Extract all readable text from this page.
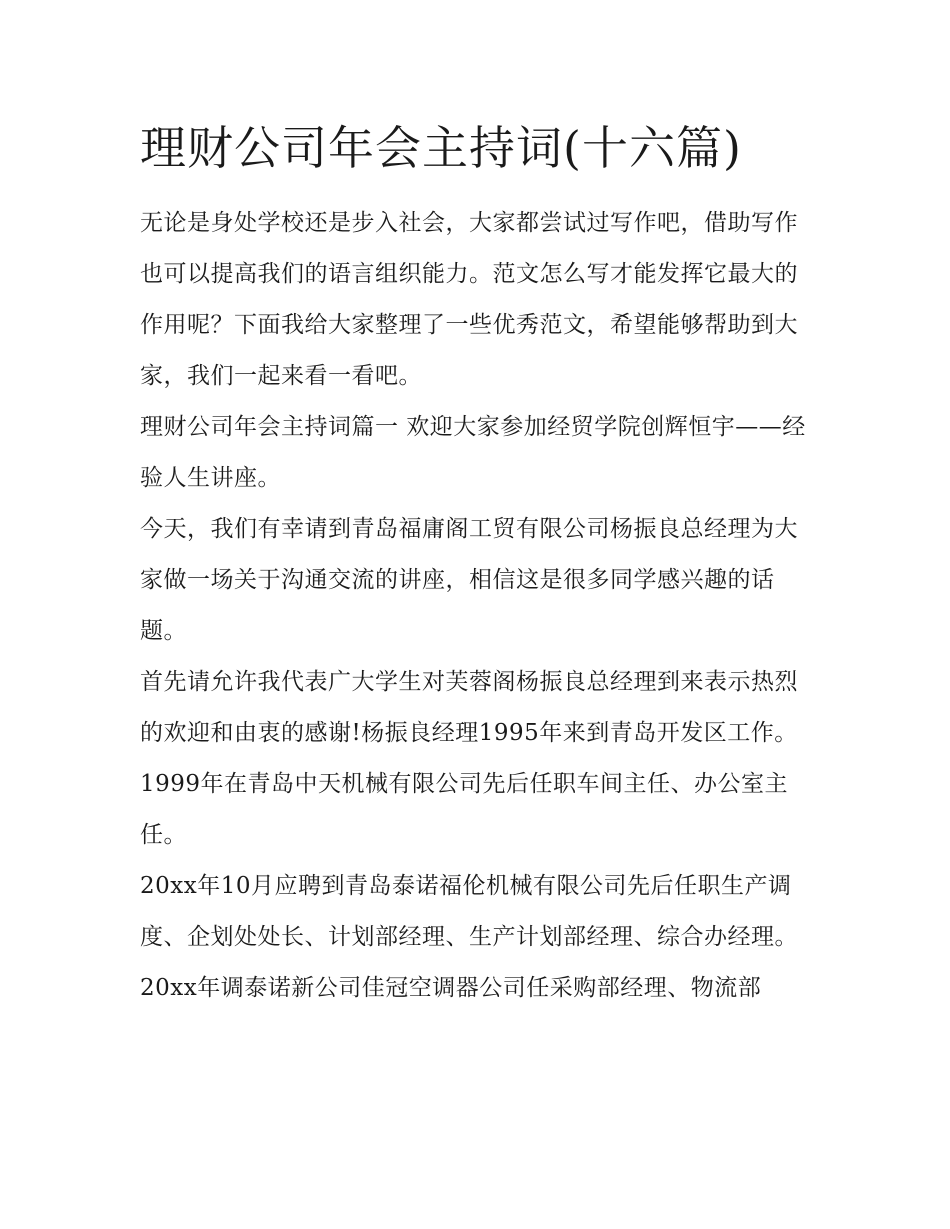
理财公司年会主持词(十六篇)

无论是身处学校还是步入社会，大家都尝试过写作吧，借助写作也可以提高我们的语言组织能力。范文怎么写才能发挥它最大的作用呢？下面我给大家整理了一些优秀范文，希望能够帮助到大家，我们一起来看一看吧。

理财公司年会主持词篇一 欢迎大家参加经贸学院创辉恒宇——经验人生讲座。

今天，我们有幸请到青岛福庸阁工贸有限公司杨振良总经理为大家做一场关于沟通交流的讲座，相信这是很多同学感兴趣的话题。

首先请允许我代表广大学生对芙蓉阁杨振良总经理到来表示热烈的欢迎和由衷的感谢!杨振良经理1995年来到青岛开发区工作。

1999年在青岛中天机械有限公司先后任职车间主任、办公室主任。

20xx年10月应聘到青岛泰诺福伦机械有限公司先后任职生产调度、企划处处长、计划部经理、生产计划部经理、综合办经理。

20xx年调泰诺新公司佳冠空调器公司任采购部经理、物流部
